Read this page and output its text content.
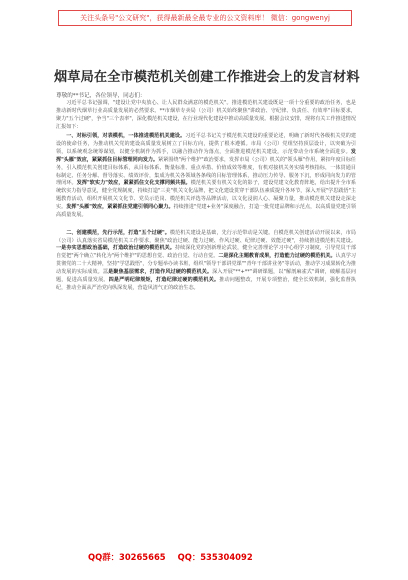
关注头条号"公文研究"，获得最新最全最专业的公文资料库！ 微信：gongwenyj
烟草局在全市模范机关创建工作推进会上的发言材料
尊敬的**书记，各位领导，同志们：

习近平总书记强调，"建设让党中央放心、让人民群众满意的模范机关"。推进模范机关建设既是一项十分重要的政治任务，也是推动新时代烟草行业高质量发展的必然要求。**市烟草专卖局（公司）机关始终聚焦"讲政治、守纪律、负责任、有效率"目标要求，聚力"五个过硬"，争当"三个表率"，深化模范机关建设，在行业现代化建设中推动高质量发展。根据会议安排，现将有关工作推进情况汇报如下：

一、对标引领，对表模机，一体推进模范机关建设。习近平总书记关于模范机关建设的重要论述，明确了新时代各级机关党的建设的使命任务，为推动机关党的建设高质量发展树立了目标方向，提供了根本遵循。市局（公司）党组坚持顶层设计，以突破为引领，以系统观念统筹谋划，以健全机制作为抓手，以融合推动作为落点，全面推进模范机关建设，示范带动全市系统全面进步。发挥"头雁"效应，紧紧抓住目标管理同向发力。紧紧围绕"两个维护"政治要求，发挥市局（公司）机关的"领头雁"作用，紧扣年度目标任务，引入模范机关创建目标体系，从目标体系、衡量标准、重点举措、价值成效等维度，有机对接机关务实绩考核指标，一体贯通目标制定、任务分解、督导落实、绩效评价，集成为机关各领域各条线的目标管理体系，推动压力传导、服务下沉，形成同向发力的管理闭环。发挥"软实力"效应，紧紧抓住文化支撑同频共振。模范机关要有机关文化的影子，建设党建文化教育阵地，给出提升全市系统软实力指导意见，健全党规制度，持续打造"三美"机关文化品牌，把文化建设贯穿干部队伍素质提升各环节，深入开展"学思践悟"主题教育活动，组织开展机关文化节、党员示范岗、模范机关评选等品牌活动，以文化浸润人心、凝聚力量，推动模范机关建设走深走实。发挥"头雁"效应，紧紧抓住党建引领同心聚力。持续推进"党建+业务"深度融合，打造一批党建品牌和示范点，以高质量党建引领高质量发展。

二、创建模范，先行示范，打造"五个过硬"。模范机关建设是基础，先行示范带动是关键。自模范机关创建活动开展以来，市局（公司）认真落实省局模范机关工作要求，聚焦"政治过硬、能力过硬、作风过硬、纪律过硬、效能过硬"，持续推进模范机关建设。一是夯实思想政治基础，打造政治过硬的模范机关。持续深化党的创新理论武装，健全完善理论学习中心组学习制度，引导党员干部自觉把"两个确立"转化为"两个维护"的思想自觉、政治自觉、行动自觉。二是深化主题教育成果，打造能力过硬的模范机关。认真学习贯彻党的二十大精神，坚持"学思践悟"，分专题举办读书班，组织"领导干部讲党课""青年干部讲业务"等活动，推动学习成果转化为推动发展的实际成效。三是聚焦基层需求，打造作风过硬的模范机关。深入开展"**+**"调研课题，以"解剖麻雀式"调研，破解基层问题，促进高质量发展。四是严明纪律规矩，打造纪律过硬的模范机关。推动问题整改，开展专项整治，健全长效机制，强化监督执纪，推动全面从严治党向纵深发展，营造风清气正的政治生态。

QQ群：30265665 QQ：535304092
